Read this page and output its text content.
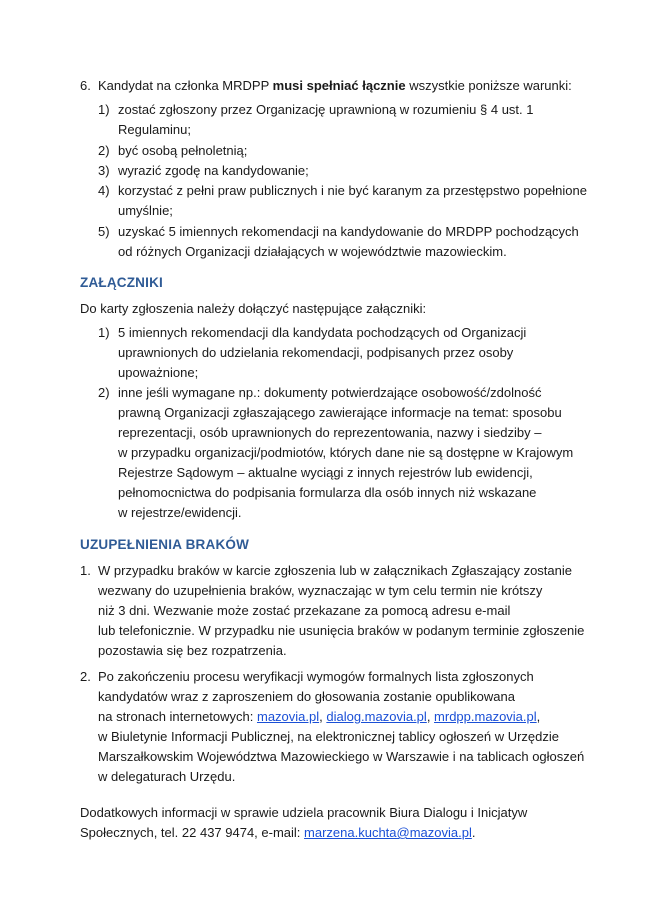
6. Kandydat na członka MRDPP musi spełniać łącznie wszystkie poniższe warunki:
1) zostać zgłoszony przez Organizację uprawnioną w rozumieniu § 4 ust. 1
Regulaminu;
2) być osobą pełnoletnią;
3) wyrazić zgodę na kandydowanie;
4) korzystać z pełni praw publicznych i nie być karanym za przestępstwo popełnione
umyślnie;
5) uzyskać 5 imiennych rekomendacji na kandydowanie do MRDPP pochodzących
od różnych Organizacji działających w województwie mazowieckim.
ZAŁĄCZNIKI
Do karty zgłoszenia należy dołączyć następujące załączniki:
1) 5 imiennych rekomendacji dla kandydata pochodzących od Organizacji
uprawnionych do udzielania rekomendacji, podpisanych przez osoby
upoważnione;
2) inne jeśli wymagane np.: dokumenty potwierdzające osobowość/zdolność
prawną Organizacji zgłaszającego zawierające informacje na temat: sposobu
reprezentacji, osób uprawnionych do reprezentowania, nazwy i siedziby –
w przypadku organizacji/podmiotów, których dane nie są dostępne w Krajowym
Rejestrze Sądowym – aktualne wyciągi z innych rejestrów lub ewidencji,
pełnomocnictwa do podpisania formularza dla osób innych niż wskazane
w rejestrze/ewidencji.
UZUPEŁNIENIA BRAKÓW
1. W przypadku braków w karcie zgłoszenia lub w załącznikach Zgłaszający zostanie
wezwany do uzupełnienia braków, wyznaczając w tym celu termin nie krótszy
niż 3 dni. Wezwanie może zostać przekazane za pomocą adresu e-mail
lub telefonicznie. W przypadku nie usunięcia braków w podanym terminie zgłoszenie
pozostawia się bez rozpatrzenia.
2. Po zakończeniu procesu weryfikacji wymogów formalnych lista zgłoszonych
kandydatów wraz z zaproszeniem do głosowania zostanie opublikowana
na stronach internetowych: mazovia.pl, dialog.mazovia.pl, mrdpp.mazovia.pl,
w Biuletynie Informacji Publicznej, na elektronicznej tablicy ogłoszeń w Urzędzie
Marszałkowskim Województwa Mazowieckiego w Warszawie i na tablicach ogłoszeń
w delegaturach Urzędu.
Dodatkowych informacji w sprawie udziela pracownik Biura Dialogu i Inicjatyw
Społecznych, tel. 22 437 9474, e-mail: marzena.kuchta@mazovia.pl.
